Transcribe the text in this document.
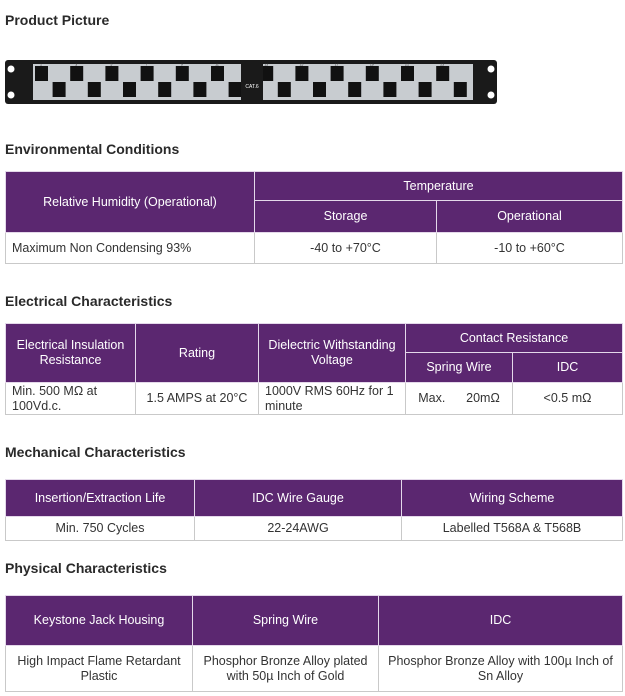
Product Picture
1	3	5	7	9	11	13	15	17	19	21	23
CAT.6
Environmental Conditions
Relative Humidity (Operational)	Temperature	
	Storage	Operational
Maximum Non Condensing 93%	-40 to +70°C	-10 to +60°C
Electrical Characteristics
Electrical Insulation Resistance	Rating	Dielectric Withstanding Voltage	Contact Resistance	
			Spring Wire	IDC
Min. 500 MΩ at 100Vd.c.	1.5 AMPS at 20°C	1000V RMS 60Hz for 1 minute	Max.      20mΩ	<0.5 mΩ
Mechanical Characteristics
Insertion/Extraction Life	IDC Wire Gauge	Wiring Scheme
Min. 750 Cycles	22-24AWG	Labelled T568A & T568B
Physical Characteristics
Keystone Jack Housing	Spring Wire	IDC
High Impact Flame Retardant Plastic	Phosphor Bronze Alloy plated with 50µ Inch of Gold	Phosphor Bronze Alloy with 100µ Inch of Sn Alloy
